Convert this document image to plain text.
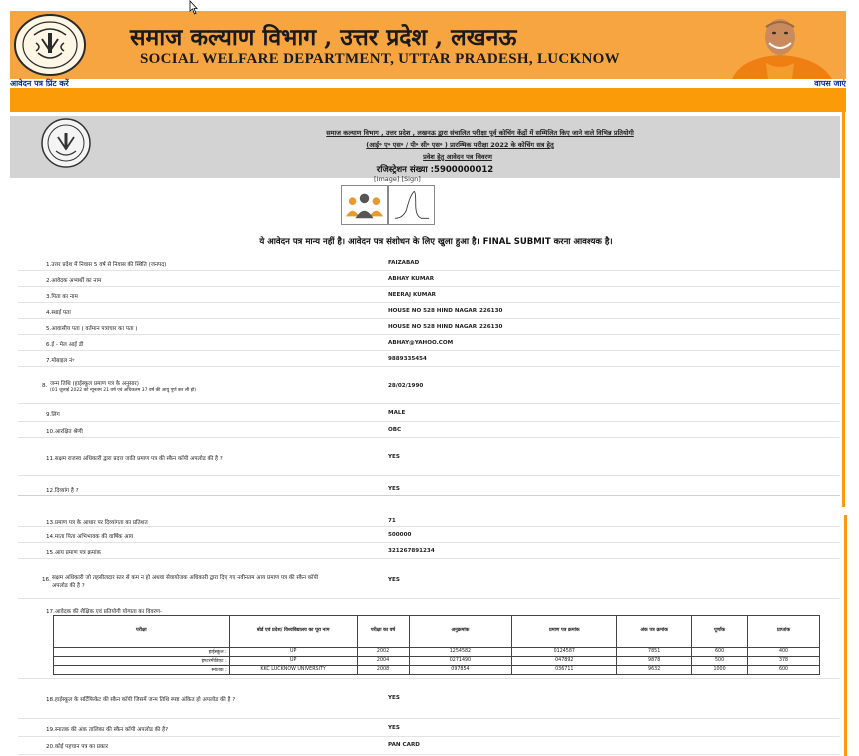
समाज कल्याण विभाग , उत्तर प्रदेश , लखनऊ
SOCIAL WELFARE DEPARTMENT, UTTAR PRADESH, LUCKNOW
आवेदन पत्र प्रिंट करें	वापस जाएं
समाज कल्याण विभाग , उत्तर प्रदेश , लखनऊ द्वारा संचालित परीक्षा पूर्व कोचिंग केंद्रों में सम्मिलित किए जाने वाले विभिन्न प्रतियोगी
(आई॰ ए॰ एस॰ / पी॰ सी॰ एस॰ ) प्रारम्भिक परीक्षा 2022 के कोचिंग सत्र हेतु
प्रवेश हेतु आवेदन पत्र विवरण
रजिस्ट्रेशन संख्या :5900000012
[Image] [Sign]
ये आवेदन पत्र मान्य नहीं है। आवेदन पत्र संशोधन के लिए खुला हुआ है। FINAL SUBMIT करना आवश्यक है।
1.उत्तर प्रदेश में निवास 5 वर्ष से निवास की स्थिति (जनपद)	FAIZABAD
2.आवेदक अभ्यर्थी का नाम	ABHAY KUMAR
3.पिता का नाम	NEERAJ KUMAR
4.स्थाई पता	HOUSE NO 528 HIND NAGAR 226130
5.आवासीय पता ( वर्तमान पत्राचार का पता )	HOUSE NO 528 HIND NAGAR 226130
6.ई - मेल आई डी	ABHAY@YAHOO.COM
7.मोबाइल नं॰	9889335454
8. जन्म तिथि (हाईस्कूल प्रमाण पत्र के अनुसार)
(01 जुलाई 2022 को न्यूनतम 21 वर्ष एवं अधिकतम 37 वर्ष की आयु पूर्ण कर ली हो)
28/02/1990
9.लिंग	MALE
10.आरक्षित श्रेणी	OBC
11.सक्षम राजस्व अधिकारी द्वारा प्रदत्त जाति प्रमाण पत्र की स्कैन कॉपी अपलोड की है ?	YES
12.दिव्यांग है ?	YES
13.प्रमाण पत्र के आधार पर दिव्यांगता का प्रतिशत	71
14.माता पिता अभिभावक की वार्षिक आय	500000
15.आय प्रमाण पत्र क्रमांक	321267891234
16. सक्षम अधिकारी जो तहसीलदार स्तर से कम न हो अथवा सेवायोजक अधिकारी द्वारा दिए गए नवीनतम आय प्रमाण पत्र की स्कैन कॉपी
अपलोड की है ?
YES
17.आवेदक की शैक्षिक एवं प्रतियोगी योग्यता का विवरण-
परीक्षा	बोर्ड एवं प्रदेश/ विश्वविद्यालय का पूरा नाम	परीक्षा का वर्ष	अनुक्रमांक	प्रमाण पत्र क्रमांक	अंक पत्र क्रमांक	पूर्णांक	प्राप्तांक
हाईस्कूल :	UP	2002	1254582	0124587	7851	600	400
इण्टरमीडिएट :	UP	2004	0271490	047892	9878	500	378
स्नातक :	KKC LUCKNOW UNIVERSITY	2008	097854	036711	9632	1000	600
18.हाईस्कूल के सर्टिफिकेट की स्कैन कॉपी जिसमें जन्म तिथि स्पष्ट अंकित हो अपलोड की है ?	YES
19.स्नातक की अंक तालिका की स्कैन कॉपी अपलोड की है?	YES
20.कोई पहचान पत्र का प्रकार	PAN CARD
